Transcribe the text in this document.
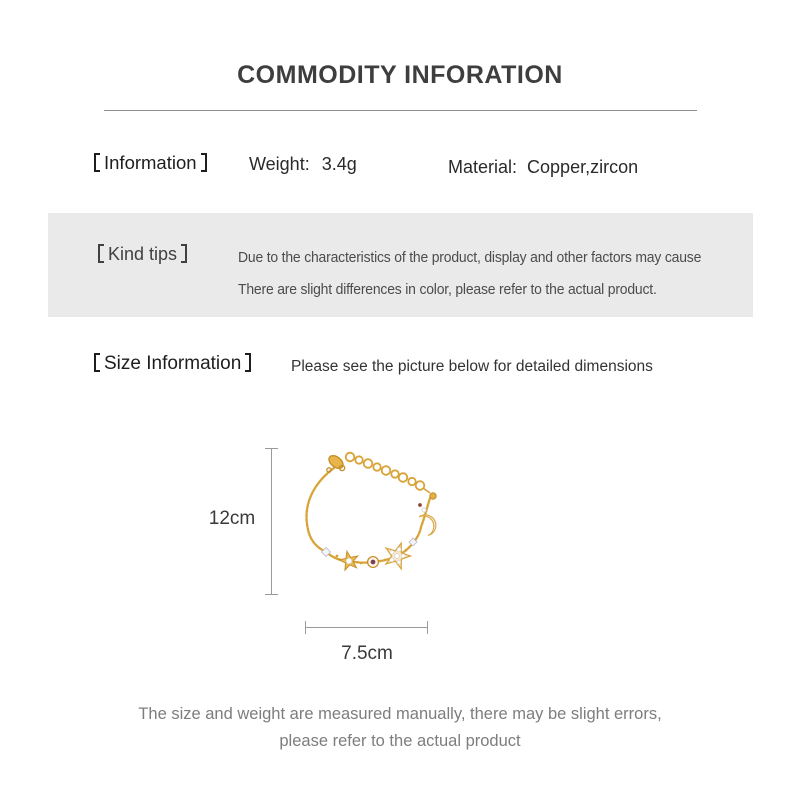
COMMODITY INFORATION
Information	Weight: 3.4g	Material: Copper,zircon
Kind tips	Due to the characteristics of the product, display and other factors may cause
There are slight differences in color, please refer to the actual product.
Size Information	Please see the picture below for detailed dimensions
12cm
7.5cm
The size and weight are measured manually, there may be slight errors,
please refer to the actual product
